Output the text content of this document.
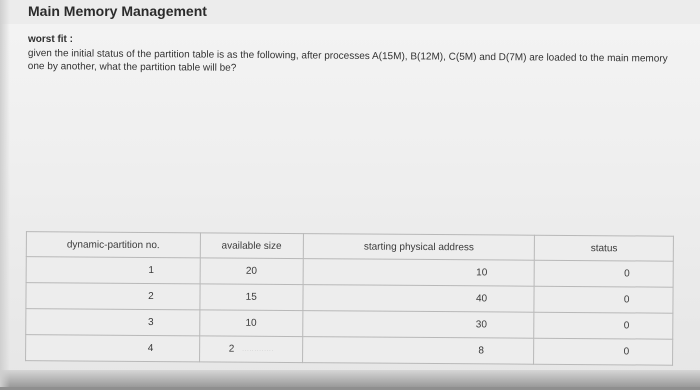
Main Memory Management
worst fit :
given the initial status of the partition table is as the following, after processes A(15M), B(12M), C(5M) and D(7M) are loaded to the main memory one by another, what the partition table will be?
dynamic-partition no.	available size	starting physical address	status
1	20	10	0
2	15	40	0
3	10	30	0
4	2 · · · · · · · · · · · · ·	8	0
